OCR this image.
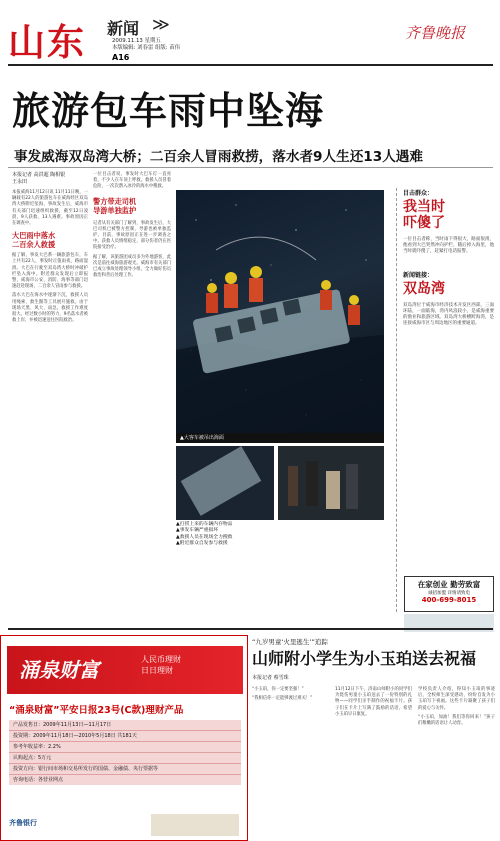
山东 新闻 ≫
2009.11.13 星期五
本版编辑: 刘春雷 组版: 苗伟
A16
齐鲁晚报
旅游包车雨中坠海
事发威海双岛湾大桥；二百余人冒雨救捞，落水者9人生还13人遇难
本报记者 高洪超 陶相银
王永田
本报威海11月12日讯 11月11日晚，一辆载有22人的旅游包车在威海经区双岛湾大桥附近坠海，事故发生后，威海市有关部门迅速组织救援，截至12日凌晨，9人获救，13人遇难。事故原因正在调查中。
大巴雨中落水
二百余人救援
据了解，事发大巴系一辆旅游包车，车上共有22人，事发时正值雨夜，路面湿滑。大巴在行驶至双岛湾大桥时冲破护栏坠入海中。附近群众发现后立即报警，威海市公安、消防、海事等部门迅速赶赴现场，二百余人冒雨参与救援。
落水大巴在海水中逐渐下沉，救援人员用绳索、救生圈等工具展开施救。由于现场天黑、风大、雨急，救援工作难度很大。经过数小时的努力，9名落水者被救上岸，并被迅速送往医院救治。
一位目击者说，事发时大巴车灯一直亮着，不少人在车顶上呼救。救援人员冒着危险，一次次潜入冰冷的海水中搜救。
警方带走司机
导游单独监护
记者从有关部门了解到，事故发生后，大巴司机已被警方控制，导游也被单独监护。目前，事故原因正在进一步调查之中。获救人员情绪稳定，部分伤者仍在医院接受治疗。
据了解，该旅游团成员多为外地游客，此次是前往威海旅游观光。威海市有关部门已成立事故处理领导小组，全力做好伤员救治和善后处理工作。
▲大客车被吊出海面
▲打捞上来的车辆内存物品
▲事发车辆严重损坏
▲救援人员在现场全力搜救
▲附近群众自发参与救援
目击群众：
我当时
吓傻了
一位目击者称，当时雨下得很大，路面很滑，他看到大巴突然冲向护栏，随后掉入海里，他当时就吓傻了，赶紧打电话报警。
新闻链接：
双岛湾
双岛湾位于威海市经济技术开发区西部，三面环陆，一面临海，湾内风浪较小，是威海重要的渔业和旅游区域。双岛湾大桥横跨海湾，是连接威海市区与周边地区的重要通道。
在家创业 勤劳致富
诚招加盟 详情请致电
400-699-8015
涌泉财富	人民币理财
日日理财
“涌泉财富”平安日报23号(C款)理财产品
产品发售日：2009年11月13日—11月17日
投资期：2009年11月18日—2010年5月18日 共181天
参考年收益率：2.2%
认购起点：5万元
投资方向：银行间市场和交易所发行的国债、金融债、央行票据等
咨询电话：各营业网点
齐鲁银行
“九岁男童‘火里逃生’”追踪
山师附小学生为小玉珀送去祝福
本报记者 蔡雪珠
“小玉珀，你一定要坚强！”
“我相信你一定能够渡过难关！”
11月12日下午，济南山师附小的同学们为烧伤男童小玉珀送去了一份特别的礼物——同学们亲手制作的祝福卡片。孩子们在卡片上写满了鼓励的话语，希望小玉珀早日康复。
学校负责人介绍，得知小玉珀的事迹后，全校师生深受感动，纷纷自发为小玉珀写下祝福。这些卡片凝聚了孩子们的爱心与关怀。
“小玉珀，加油！我们等你回来！”孩子们稚嫩的话语让人动容。
